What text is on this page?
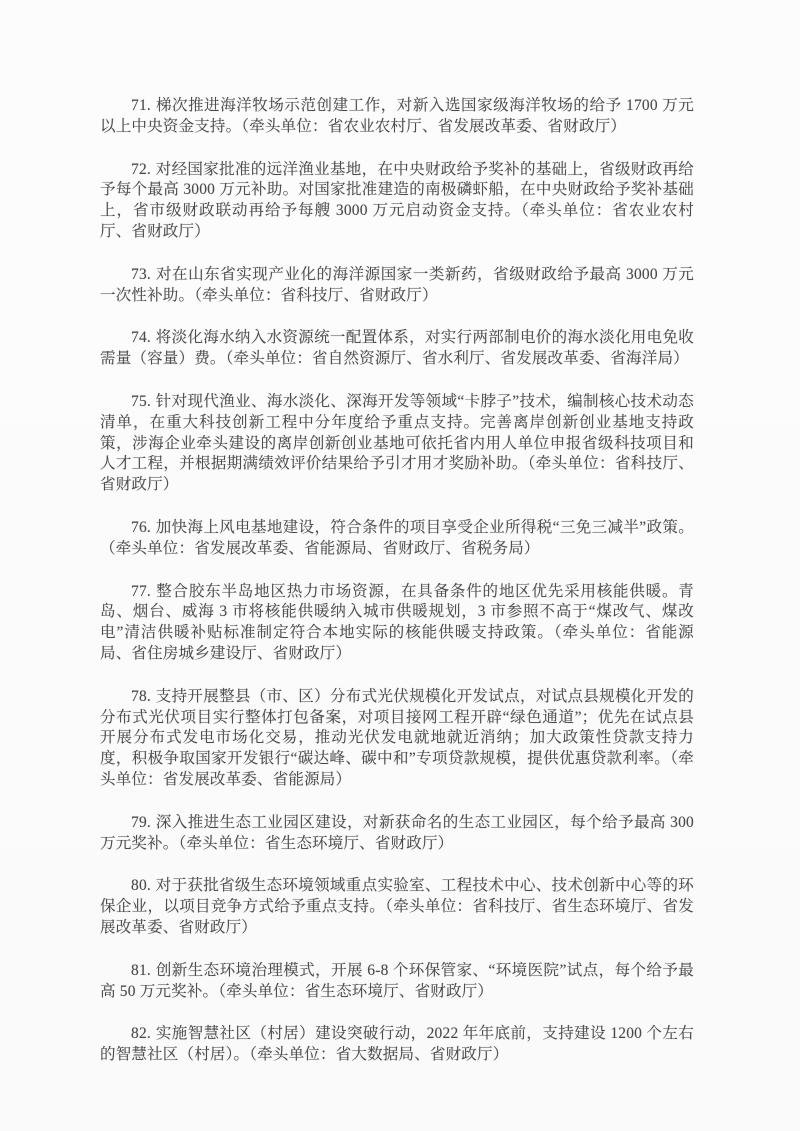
71. 梯次推进海洋牧场示范创建工作，对新入选国家级海洋牧场的给予 1700 万元以上中央资金支持。（牵头单位：省农业农村厅、省发展改革委、省财政厅）

72. 对经国家批准的远洋渔业基地，在中央财政给予奖补的基础上，省级财政再给予每个最高 3000 万元补助。对国家批准建造的南极磷虾船，在中央财政给予奖补基础上，省市级财政联动再给予每艘 3000 万元启动资金支持。（牵头单位：省农业农村厅、省财政厅）

73. 对在山东省实现产业化的海洋源国家一类新药，省级财政给予最高 3000 万元一次性补助。（牵头单位：省科技厅、省财政厅）

74. 将淡化海水纳入水资源统一配置体系，对实行两部制电价的海水淡化用电免收需量（容量）费。（牵头单位：省自然资源厅、省水利厅、省发展改革委、省海洋局）

75. 针对现代渔业、海水淡化、深海开发等领域“卡脖子”技术，编制核心技术动态清单，在重大科技创新工程中分年度给予重点支持。完善离岸创新创业基地支持政策，涉海企业牵头建设的离岸创新创业基地可依托省内用人单位申报省级科技项目和人才工程，并根据期满绩效评价结果给予引才用才奖励补助。（牵头单位：省科技厅、省财政厅）

76. 加快海上风电基地建设，符合条件的项目享受企业所得税“三免三减半”政策。（牵头单位：省发展改革委、省能源局、省财政厅、省税务局）

77. 整合胶东半岛地区热力市场资源，在具备条件的地区优先采用核能供暖。青岛、烟台、威海 3 市将核能供暖纳入城市供暖规划，3 市参照不高于“煤改气、煤改电”清洁供暖补贴标准制定符合本地实际的核能供暖支持政策。（牵头单位：省能源局、省住房城乡建设厅、省财政厅）

78. 支持开展整县（市、区）分布式光伏规模化开发试点，对试点县规模化开发的分布式光伏项目实行整体打包备案，对项目接网工程开辟“绿色通道”；优先在试点县开展分布式发电市场化交易，推动光伏发电就地就近消纳；加大政策性贷款支持力度，积极争取国家开发银行“碳达峰、碳中和”专项贷款规模，提供优惠贷款利率。（牵头单位：省发展改革委、省能源局）

79. 深入推进生态工业园区建设，对新获命名的生态工业园区，每个给予最高 300 万元奖补。（牵头单位：省生态环境厅、省财政厅）

80. 对于获批省级生态环境领域重点实验室、工程技术中心、技术创新中心等的环保企业，以项目竞争方式给予重点支持。（牵头单位：省科技厅、省生态环境厅、省发展改革委、省财政厅）

81. 创新生态环境治理模式，开展 6-8 个环保管家、“环境医院”试点，每个给予最高 50 万元奖补。（牵头单位：省生态环境厅、省财政厅）

82. 实施智慧社区（村居）建设突破行动，2022 年年底前，支持建设 1200 个左右的智慧社区（村居）。（牵头单位：省大数据局、省财政厅）
